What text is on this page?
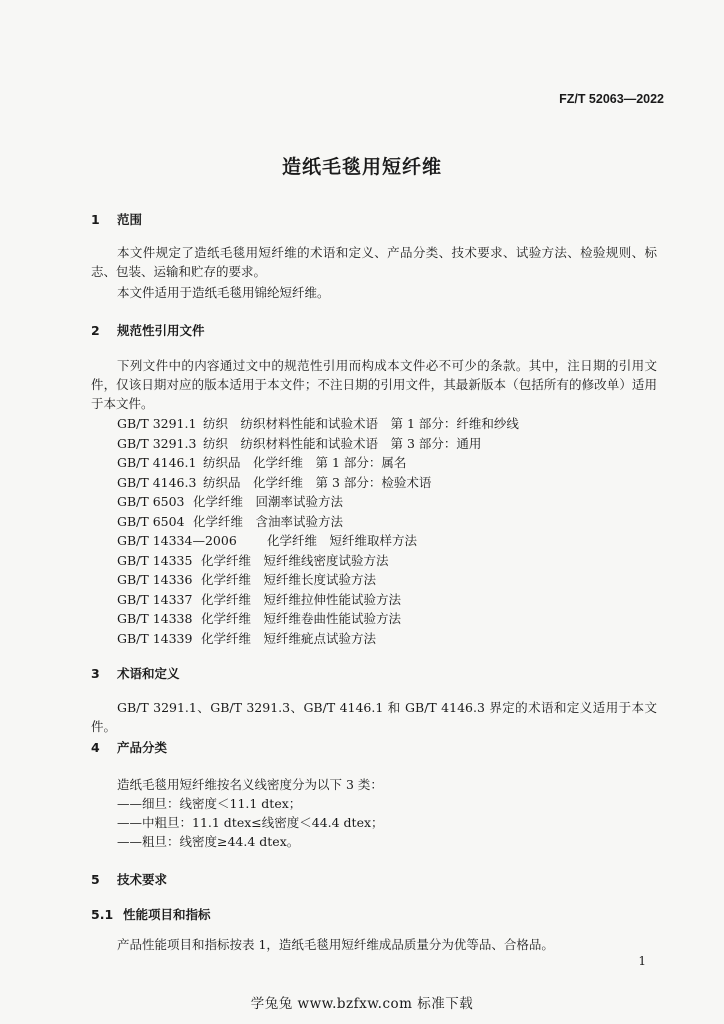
FZ/T 52063—2022
造纸毛毯用短纤维
1 范围
本文件规定了造纸毛毯用短纤维的术语和定义、产品分类、技术要求、试验方法、检验规则、标志、包装、运输和贮存的要求。
本文件适用于造纸毛毯用锦纶短纤维。
2 规范性引用文件
下列文件中的内容通过文中的规范性引用而构成本文件必不可少的条款。其中，注日期的引用文件，仅该日期对应的版本适用于本文件；不注日期的引用文件，其最新版本（包括所有的修改单）适用于本文件。
GB/T 3291.1 纺织　纺织材料性能和试验术语　第 1 部分：纤维和纱线
GB/T 3291.3 纺织　纺织材料性能和试验术语　第 3 部分：通用
GB/T 4146.1 纺织品　化学纤维　第 1 部分：属名
GB/T 4146.3 纺织品　化学纤维　第 3 部分：检验术语
GB/T 6503 化学纤维　回潮率试验方法
GB/T 6504 化学纤维　含油率试验方法
GB/T 14334—2006 化学纤维　短纤维取样方法
GB/T 14335 化学纤维　短纤维线密度试验方法
GB/T 14336 化学纤维　短纤维长度试验方法
GB/T 14337 化学纤维　短纤维拉伸性能试验方法
GB/T 14338 化学纤维　短纤维卷曲性能试验方法
GB/T 14339 化学纤维　短纤维疵点试验方法
3 术语和定义
GB/T 3291.1、GB/T 3291.3、GB/T 4146.1 和 GB/T 4146.3 界定的术语和定义适用于本文件。
4 产品分类
造纸毛毯用短纤维按名义线密度分为以下 3 类：
——细旦：线密度＜11.1 dtex；
——中粗旦：11.1 dtex≤线密度＜44.4 dtex；
——粗旦：线密度≥44.4 dtex。
5 技术要求
5.1 性能项目和指标
产品性能项目和指标按表 1，造纸毛毯用短纤维成品质量分为优等品、合格品。
1
学兔兔 www.bzfxw.com 标准下载
